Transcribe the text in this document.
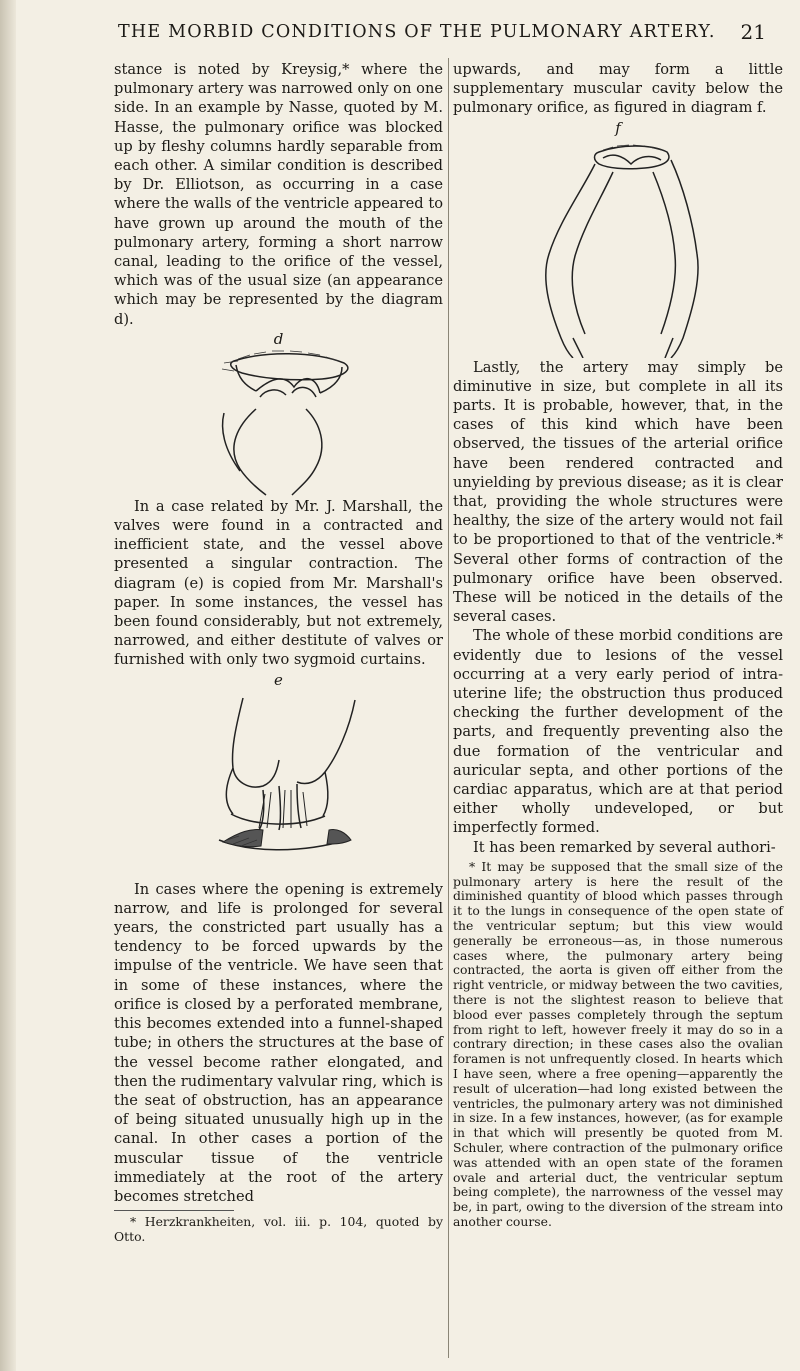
THE MORBID CONDITIONS OF THE PULMONARY ARTERY. 21

stance is noted by Kreysig,* where the pulmonary artery was narrowed only on one side. In an example by Nasse, quoted by M. Hasse, the pulmonary orifice was blocked up by fleshy columns hardly separable from each other. A similar condition is described by Dr. Elliotson, as occurring in a case where the walls of the ventricle appeared to have grown up around the mouth of the pulmonary artery, forming a short narrow canal, leading to the orifice of the vessel, which was of the usual size (an appearance which may be represented by the diagram d).

d

In a case related by Mr. J. Marshall, the valves were found in a contracted and inefficient state, and the vessel above presented a singular contraction. The diagram (e) is copied from Mr. Marshall's paper. In some instances, the vessel has been found considerably, but not extremely, narrowed, and either destitute of valves or furnished with only two sygmoid curtains.

e

In cases where the opening is extremely narrow, and life is prolonged for several years, the constricted part usually has a tendency to be forced upwards by the impulse of the ventricle. We have seen that in some of these instances, where the orifice is closed by a perforated membrane, this becomes extended into a funnel-shaped tube; in others the structures at the base of the vessel become rather elongated, and then the rudimentary valvular ring, which is the seat of obstruction, has an appearance of being situated unusually high up in the canal. In other cases a portion of the muscular tissue of the ventricle immediately at the root of the artery becomes stretched

* Herzkrankheiten, vol. iii. p. 104, quoted by Otto.

upwards, and may form a little supplementary muscular cavity below the pulmonary orifice, as figured in diagram f.

f

Lastly, the artery may simply be diminutive in size, but complete in all its parts. It is probable, however, that, in the cases of this kind which have been observed, the tissues of the arterial orifice have been rendered contracted and unyielding by previous disease; as it is clear that, providing the whole structures were healthy, the size of the artery would not fail to be proportioned to that of the ventricle.* Several other forms of contraction of the pulmonary orifice have been observed. These will be noticed in the details of the several cases.

The whole of these morbid conditions are evidently due to lesions of the vessel occurring at a very early period of intra-uterine life; the obstruction thus produced checking the further development of the parts, and frequently preventing also the due formation of the ventricular and auricular septa, and other portions of the cardiac apparatus, which are at that period either wholly undeveloped, or but imperfectly formed.

It has been remarked by several authori-

* It may be supposed that the small size of the pulmonary artery is here the result of the diminished quantity of blood which passes through it to the lungs in consequence of the open state of the ventricular septum; but this view would generally be erroneous—as, in those numerous cases where, the pulmonary artery being contracted, the aorta is given off either from the right ventricle, or midway between the two cavities, there is not the slightest reason to believe that blood ever passes completely through the septum from right to left, however freely it may do so in a contrary direction; in these cases also the ovalian foramen is not unfrequently closed. In hearts which I have seen, where a free opening—apparently the result of ulceration—had long existed between the ventricles, the pulmonary artery was not diminished in size. In a few instances, however, (as for example in that which will presently be quoted from M. Schuler, where contraction of the pulmonary orifice was attended with an open state of the foramen ovale and arterial duct, the ventricular septum being complete), the narrowness of the vessel may be, in part, owing to the diversion of the stream into another course.
